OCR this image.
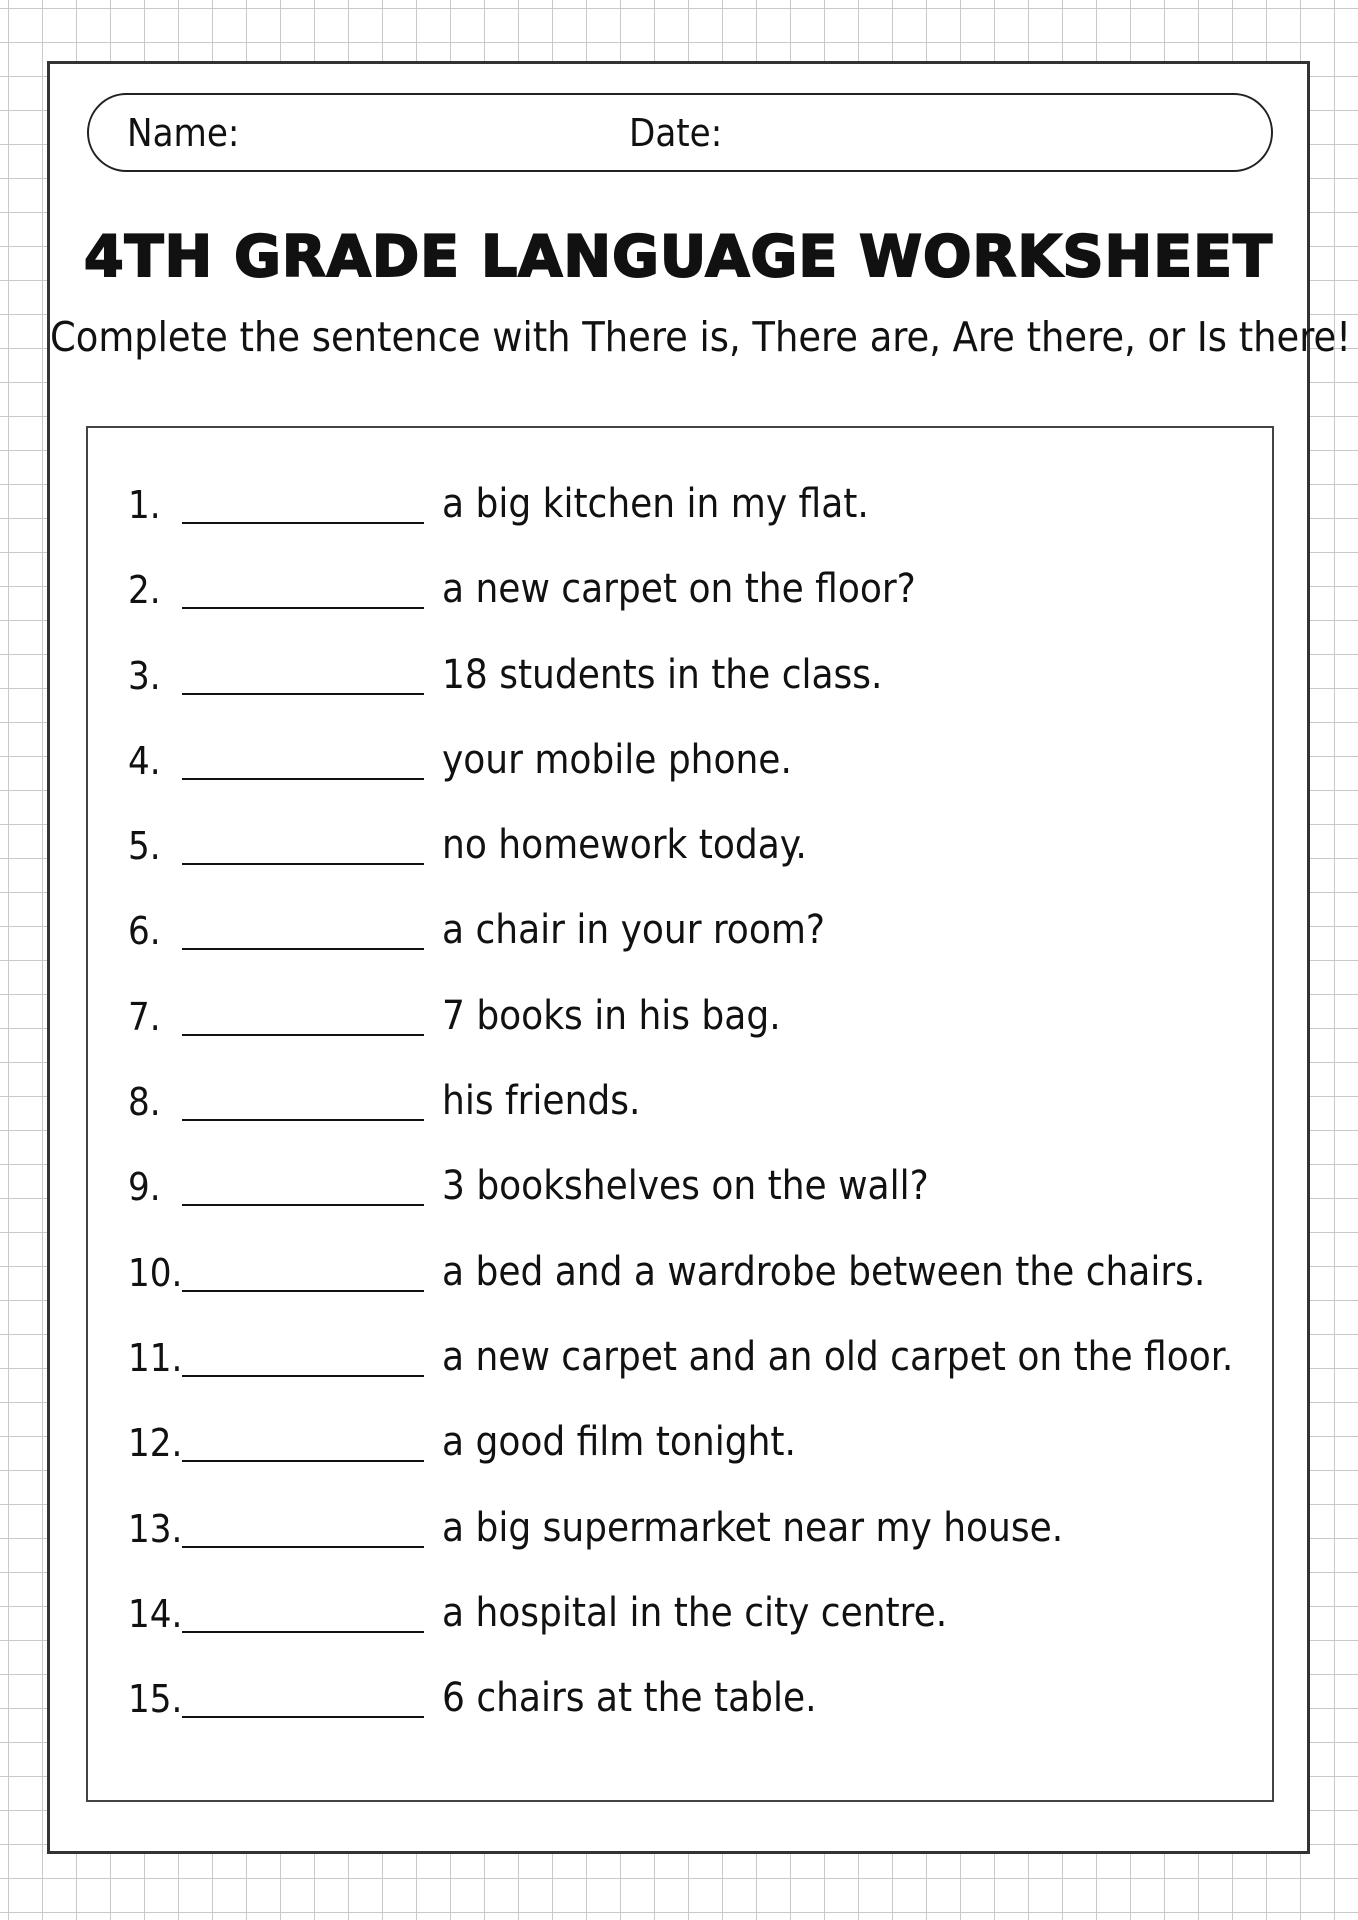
Name:	Date:
4TH GRADE LANGUAGE WORKSHEET
Complete the sentence with There is, There are, Are there, or Is there!
1.	a big kitchen in my flat.
2.	a new carpet on the floor?
3.	18 students in the class.
4.	your mobile phone.
5.	no homework today.
6.	a chair in your room?
7.	7 books in his bag.
8.	his friends.
9.	3 bookshelves on the wall?
10.	a bed and a wardrobe between the chairs.
11.	a new carpet and an old carpet on the floor.
12.	a good film tonight.
13.	a big supermarket near my house.
14.	a hospital in the city centre.
15.	6 chairs at the table.
